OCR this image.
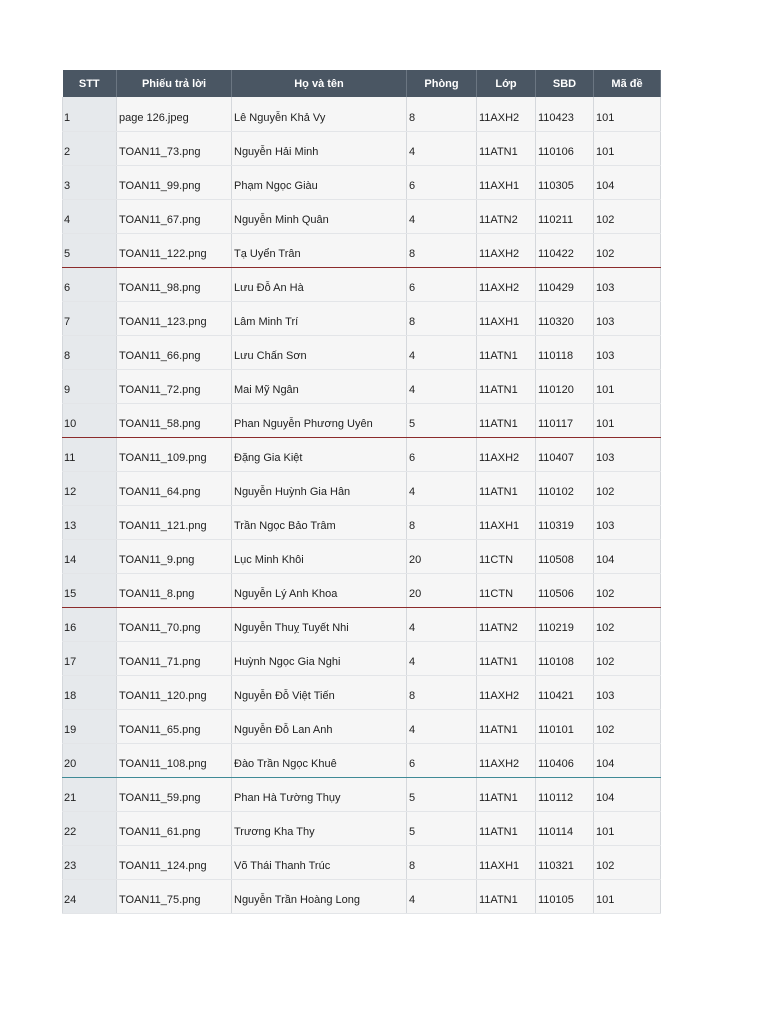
STT	Phiếu trả lời	Họ và tên	Phòng	Lớp	SBD	Mã đề
1	page 126.jpeg	Lê Nguyễn Khả Vy	8	11AXH2	110423	101
2	TOAN11_73.png	Nguyễn Hải Minh	4	11ATN1	110106	101
3	TOAN11_99.png	Phạm Ngọc Giàu	6	11AXH1	110305	104
4	TOAN11_67.png	Nguyễn Minh Quân	4	11ATN2	110211	102
5	TOAN11_122.png	Tạ Uyển Trân	8	11AXH2	110422	102
6	TOAN11_98.png	Lưu Đỗ An Hà	6	11AXH2	110429	103
7	TOAN11_123.png	Lâm Minh Trí	8	11AXH1	110320	103
8	TOAN11_66.png	Lưu Chấn Sơn	4	11ATN1	110118	103
9	TOAN11_72.png	Mai Mỹ Ngân	4	11ATN1	110120	101
10	TOAN11_58.png	Phan Nguyễn Phương Uyên	5	11ATN1	110117	101
11	TOAN11_109.png	Đặng Gia Kiệt	6	11AXH2	110407	103
12	TOAN11_64.png	Nguyễn Huỳnh Gia Hân	4	11ATN1	110102	102
13	TOAN11_121.png	Trần Ngọc Bảo Trâm	8	11AXH1	110319	103
14	TOAN11_9.png	Lục Minh Khôi	20	11CTN	110508	104
15	TOAN11_8.png	Nguyễn Lý Anh Khoa	20	11CTN	110506	102
16	TOAN11_70.png	Nguyễn Thuỵ Tuyết Nhi	4	11ATN2	110219	102
17	TOAN11_71.png	Huỳnh Ngọc Gia Nghi	4	11ATN1	110108	102
18	TOAN11_120.png	Nguyễn Đỗ Việt Tiến	8	11AXH2	110421	103
19	TOAN11_65.png	Nguyễn Đỗ Lan Anh	4	11ATN1	110101	102
20	TOAN11_108.png	Đào Trần Ngọc Khuê	6	11AXH2	110406	104
21	TOAN11_59.png	Phan Hà Tường Thụy	5	11ATN1	110112	104
22	TOAN11_61.png	Trương Kha Thy	5	11ATN1	110114	101
23	TOAN11_124.png	Võ Thái Thanh Trúc	8	11AXH1	110321	102
24	TOAN11_75.png	Nguyễn Trần Hoàng Long	4	11ATN1	110105	101
